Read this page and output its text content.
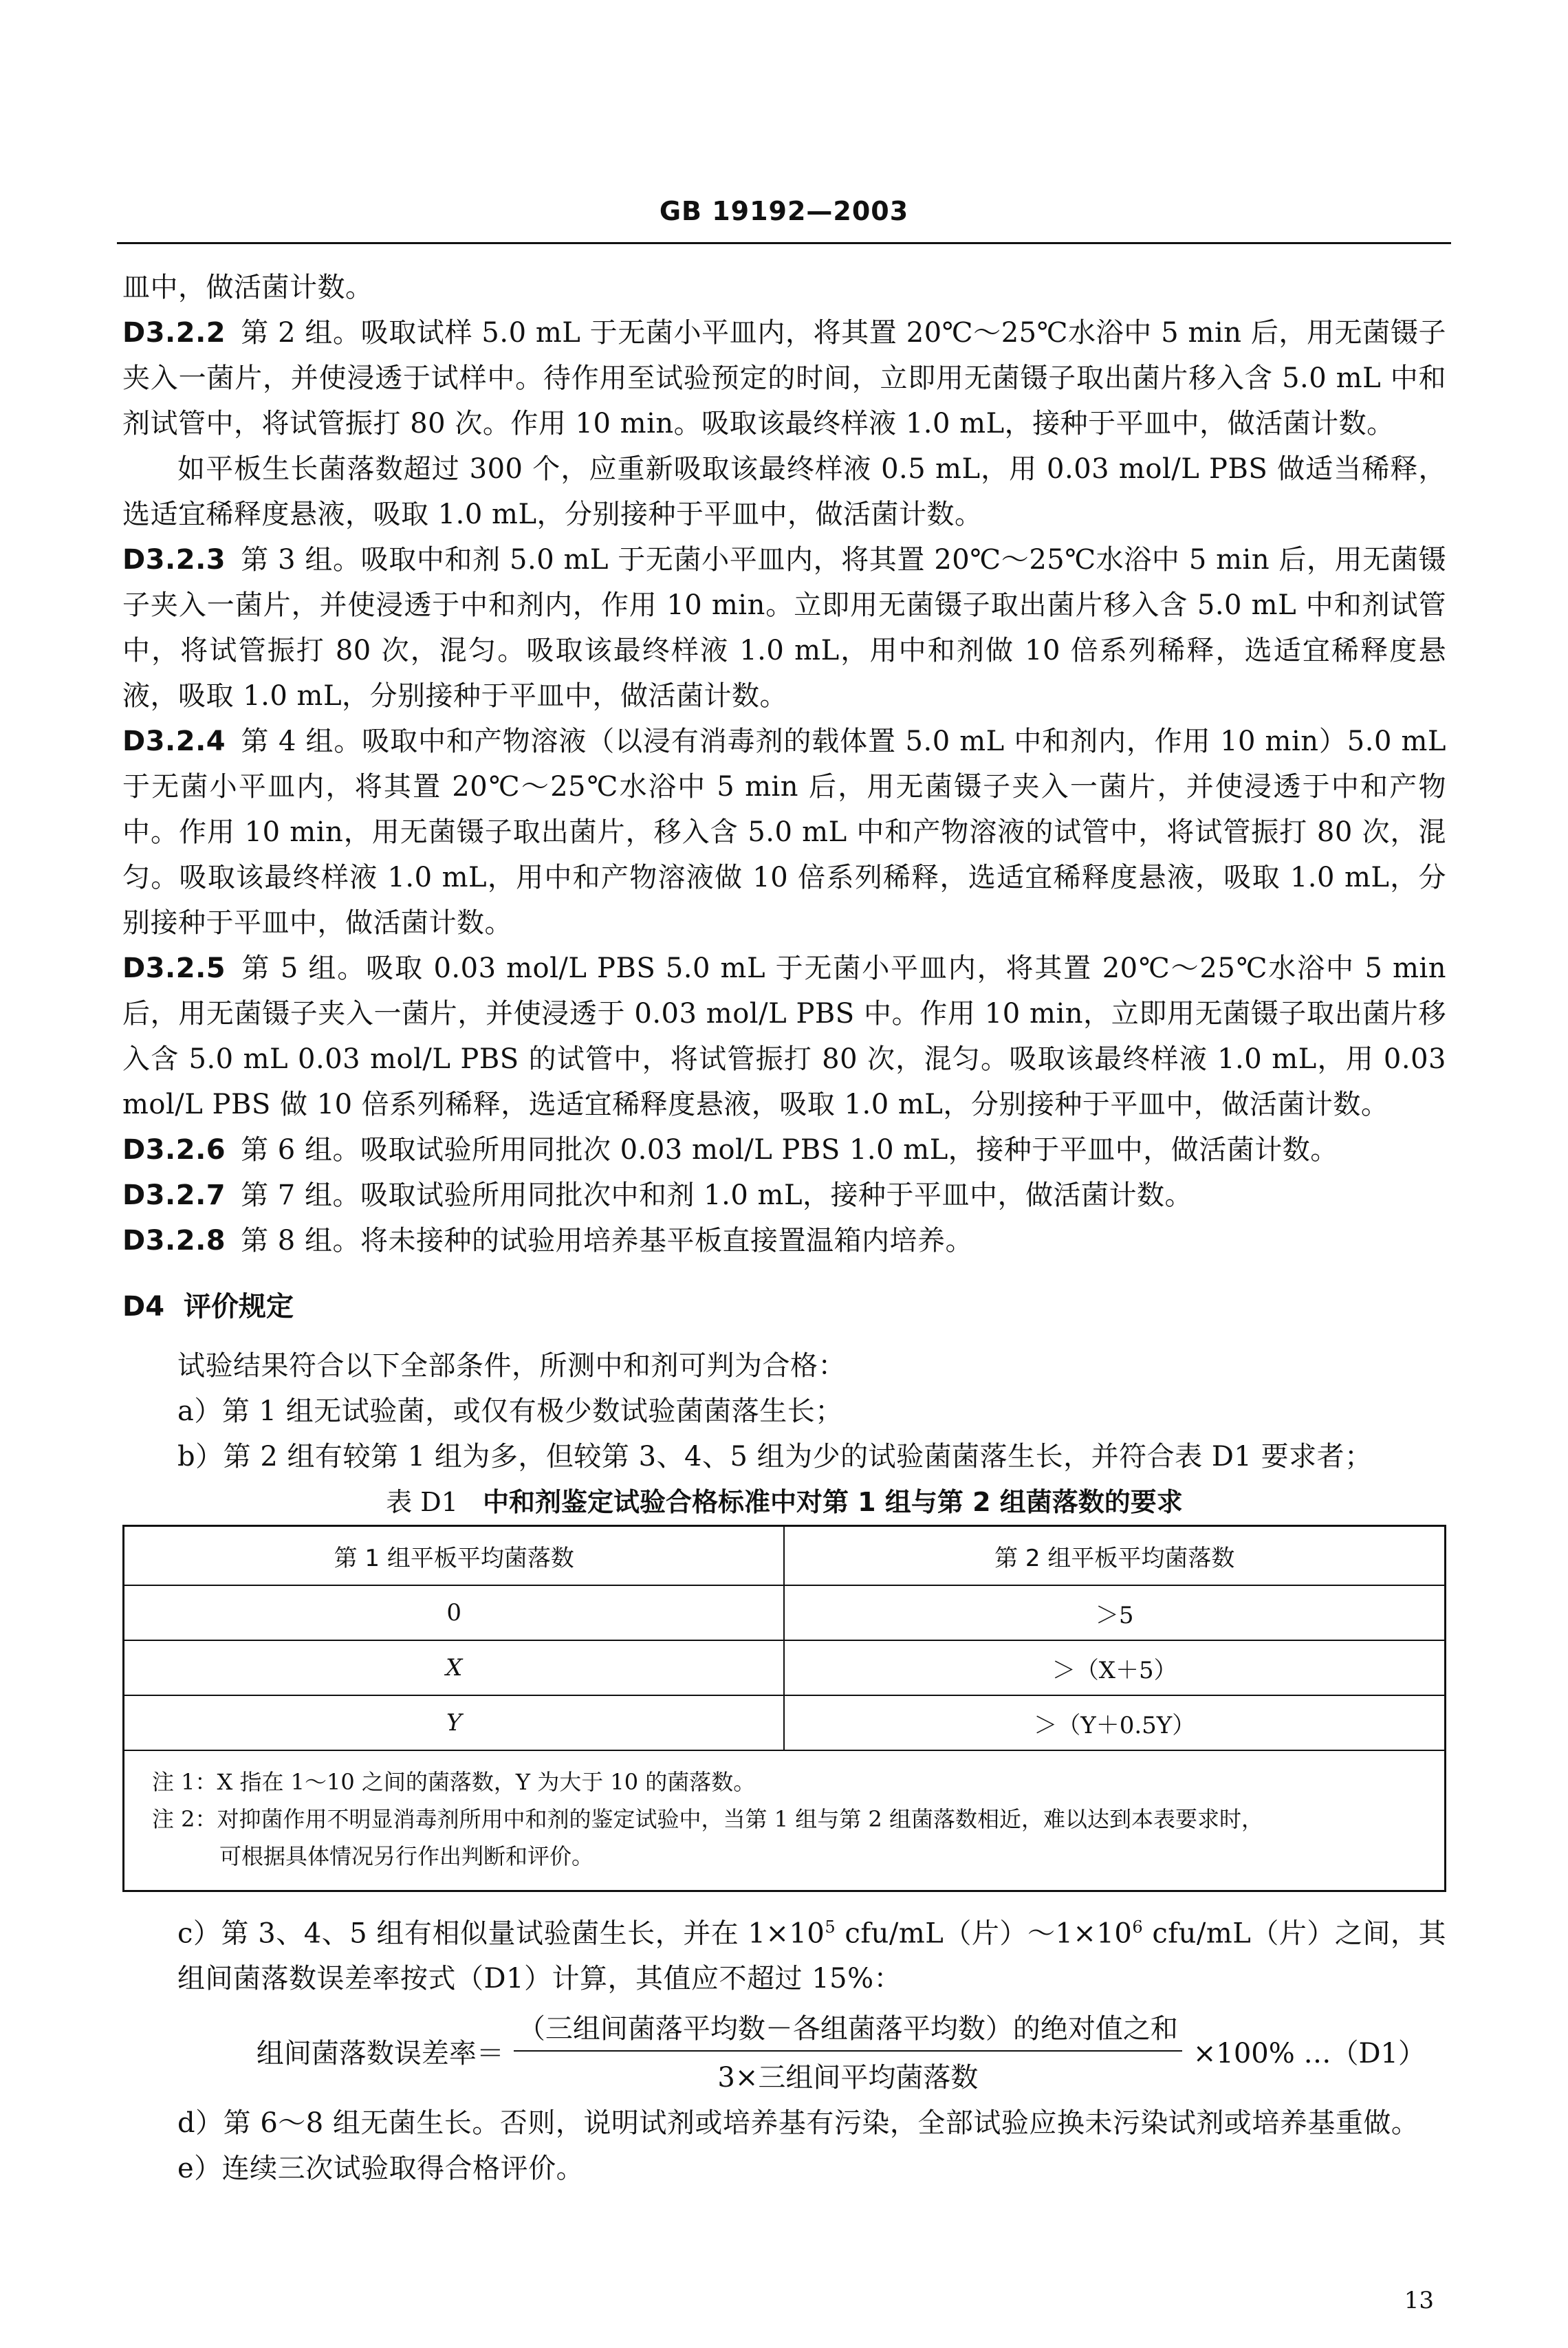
GB 19192—2003

皿中，做活菌计数。

D3.2.2 第 2 组。吸取试样 5.0 mL 于无菌小平皿内，将其置 20℃～25℃水浴中 5 min 后，用无菌镊子夹入一菌片，并使浸透于试样中。待作用至试验预定的时间，立即用无菌镊子取出菌片移入含 5.0 mL 中和剂试管中，将试管振打 80 次。作用 10 min。吸取该最终样液 1.0 mL，接种于平皿中，做活菌计数。

如平板生长菌落数超过 300 个，应重新吸取该最终样液 0.5 mL，用 0.03 mol/L PBS 做适当稀释，选适宜稀释度悬液，吸取 1.0 mL，分别接种于平皿中，做活菌计数。

D3.2.3 第 3 组。吸取中和剂 5.0 mL 于无菌小平皿内，将其置 20℃～25℃水浴中 5 min 后，用无菌镊子夹入一菌片，并使浸透于中和剂内，作用 10 min。立即用无菌镊子取出菌片移入含 5.0 mL 中和剂试管中，将试管振打 80 次，混匀。吸取该最终样液 1.0 mL，用中和剂做 10 倍系列稀释，选适宜稀释度悬液，吸取 1.0 mL，分别接种于平皿中，做活菌计数。

D3.2.4 第 4 组。吸取中和产物溶液（以浸有消毒剂的载体置 5.0 mL 中和剂内，作用 10 min）5.0 mL 于无菌小平皿内，将其置 20℃～25℃水浴中 5 min 后，用无菌镊子夹入一菌片，并使浸透于中和产物中。作用 10 min，用无菌镊子取出菌片，移入含 5.0 mL 中和产物溶液的试管中，将试管振打 80 次，混匀。吸取该最终样液 1.0 mL，用中和产物溶液做 10 倍系列稀释，选适宜稀释度悬液，吸取 1.0 mL，分别接种于平皿中，做活菌计数。

D3.2.5 第 5 组。吸取 0.03 mol/L PBS 5.0 mL 于无菌小平皿内，将其置 20℃～25℃水浴中 5 min 后，用无菌镊子夹入一菌片，并使浸透于 0.03 mol/L PBS 中。作用 10 min，立即用无菌镊子取出菌片移入含 5.0 mL 0.03 mol/L PBS 的试管中，将试管振打 80 次，混匀。吸取该最终样液 1.0 mL，用 0.03 mol/L PBS 做 10 倍系列稀释，选适宜稀释度悬液，吸取 1.0 mL，分别接种于平皿中，做活菌计数。

D3.2.6 第 6 组。吸取试验所用同批次 0.03 mol/L PBS 1.0 mL，接种于平皿中，做活菌计数。

D3.2.7 第 7 组。吸取试验所用同批次中和剂 1.0 mL，接种于平皿中，做活菌计数。

D3.2.8 第 8 组。将未接种的试验用培养基平板直接置温箱内培养。

D4 评价规定

试验结果符合以下全部条件，所测中和剂可判为合格：

a）第 1 组无试验菌，或仅有极少数试验菌菌落生长；

b）第 2 组有较第 1 组为多，但较第 3、4、5 组为少的试验菌菌落生长，并符合表 D1 要求者；

表 D1 中和剂鉴定试验合格标准中对第 1 组与第 2 组菌落数的要求
第 1 组平板平均菌落数	第 2 组平板平均菌落数
0	＞5
X	＞（X＋5）
Y	＞（Y＋0.5Y）

注 1：X 指在 1～10 之间的菌落数，Y 为大于 10 的菌落数。
注 2：对抑菌作用不明显消毒剂所用中和剂的鉴定试验中，当第 1 组与第 2 组菌落数相近，难以达到本表要求时，
可根据具体情况另行作出判断和评价。	

c）第 3、4、5 组有相似量试验菌生长，并在 $1\times 10^5$ cfu/mL（片）$\sim 1\times 10^6$ cfu/mL（片）之间，其组间菌落数误差率按式（D1）计算，其值应不超过 15%：

组间菌落数误差率＝ $\frac{\text{（三组间菌落平均数－各组菌落平均数）的绝对值之和}}{\text{3×三组间平均菌落数}} \times 100\%$ …（D1）

d）第 6～8 组无菌生长。否则，说明试剂或培养基有污染，全部试验应换未污染试剂或培养基重做。

e）连续三次试验取得合格评价。

13
